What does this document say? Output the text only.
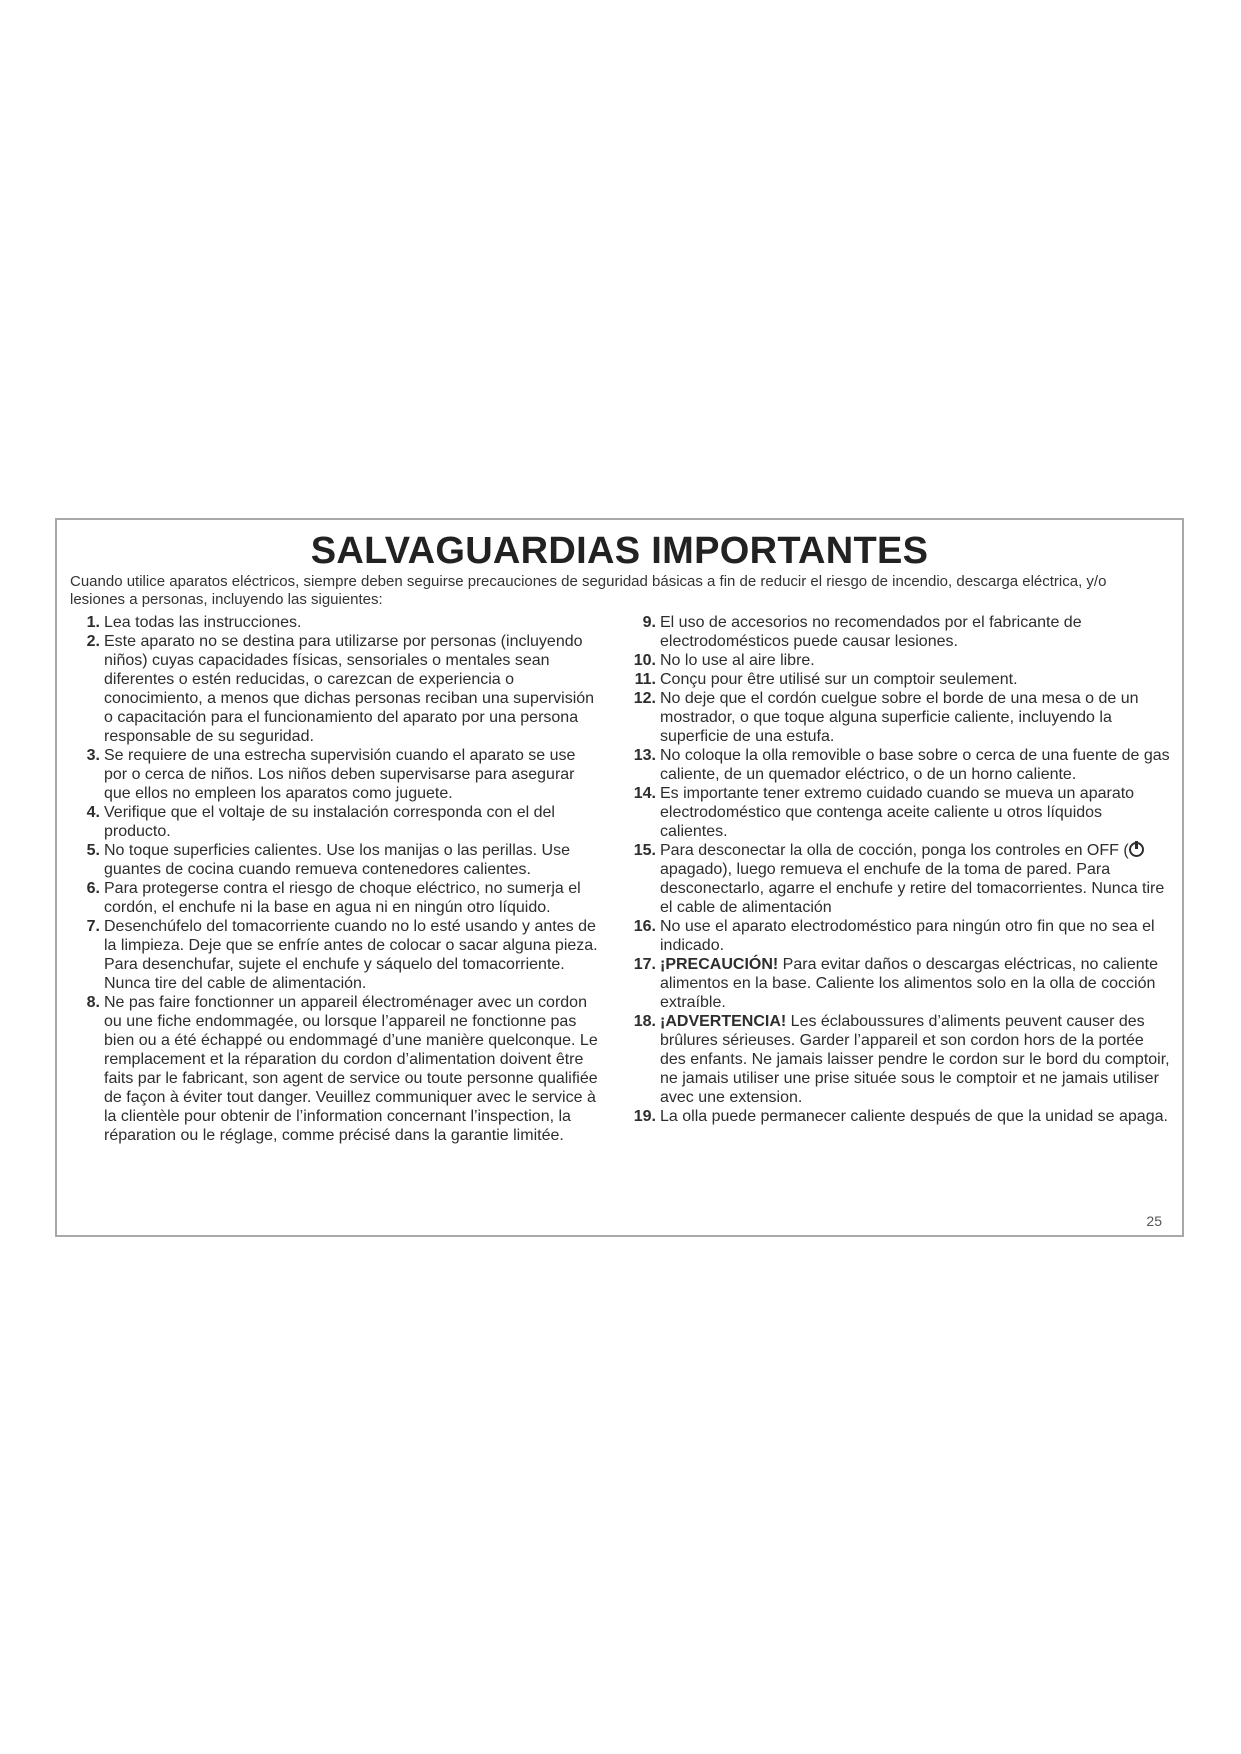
SALVAGUARDIAS IMPORTANTES

Cuando utilice aparatos eléctricos, siempre deben seguirse precauciones de seguridad básicas a fin de reducir el riesgo de incendio, descarga eléctrica, y/o lesiones a personas, incluyendo las siguientes:

1. Lea todas las instrucciones.
2. Este aparato no se destina para utilizarse por personas (incluyendo niños) cuyas capacidades físicas, sensoriales o mentales sean diferentes o estén reducidas, o carezcan de experiencia o conocimiento, a menos que dichas personas reciban una supervisión o capacitación para el funcionamiento del aparato por una persona responsable de su seguridad.
3. Se requiere de una estrecha supervisión cuando el aparato se use por o cerca de niños. Los niños deben supervisarse para asegurar que ellos no empleen los aparatos como juguete.
4. Verifique que el voltaje de su instalación corresponda con el del producto.
5. No toque superficies calientes. Use los manijas o las perillas. Use guantes de cocina cuando remueva contenedores calientes.
6. Para protegerse contra el riesgo de choque eléctrico, no sumerja el cordón, el enchufe ni la base en agua ni en ningún otro líquido.
7. Desenchúfelo del tomacorriente cuando no lo esté usando y antes de la limpieza. Deje que se enfríe antes de colocar o sacar alguna pieza. Para desenchufar, sujete el enchufe y sáquelo del tomacorriente. Nunca tire del cable de alimentación.
8. Ne pas faire fonctionner un appareil électroménager avec un cordon ou une fiche endommagée, ou lorsque l’appareil ne fonctionne pas bien ou a été échappé ou endommagé d’une manière quelconque. Le remplacement et la réparation du cordon d’alimentation doivent être faits par le fabricant, son agent de service ou toute personne qualifiée de façon à éviter tout danger. Veuillez communiquer avec le service à la clientèle pour obtenir de l’information concernant l’inspection, la réparation ou le réglage, comme précisé dans la garantie limitée.
9. El uso de accesorios no recomendados por el fabricante de electrodomésticos puede causar lesiones.
10. No lo use al aire libre.
11. Conçu pour être utilisé sur un comptoir seulement.
12. No deje que el cordón cuelgue sobre el borde de una mesa o de un mostrador, o que toque alguna superficie caliente, incluyendo la superficie de una estufa.
13. No coloque la olla removible o base sobre o cerca de una fuente de gas caliente, de un quemador eléctrico, o de un horno caliente.
14. Es importante tener extremo cuidado cuando se mueva un aparato electrodoméstico que contenga aceite caliente u otros líquidos calientes.
15. Para desconectar la olla de cocción, ponga los controles en OFF (apagado), luego remueva el enchufe de la toma de pared. Para desconectarlo, agarre el enchufe y retire del tomacorrientes. Nunca tire el cable de alimentación
16. No use el aparato electrodoméstico para ningún otro fin que no sea el indicado.
17. ¡PRECAUCIÓN! Para evitar daños o descargas eléctricas, no caliente alimentos en la base. Caliente los alimentos solo en la olla de cocción extraíble.
18. ¡ADVERTENCIA! Les éclaboussures d’aliments peuvent causer des brûlures sérieuses. Garder l’appareil et son cordon hors de la portée des enfants. Ne jamais laisser pendre le cordon sur le bord du comptoir, ne jamais utiliser une prise située sous le comptoir et ne jamais utiliser avec une extension.
19. La olla puede permanecer caliente después de que la unidad se apaga.

25
